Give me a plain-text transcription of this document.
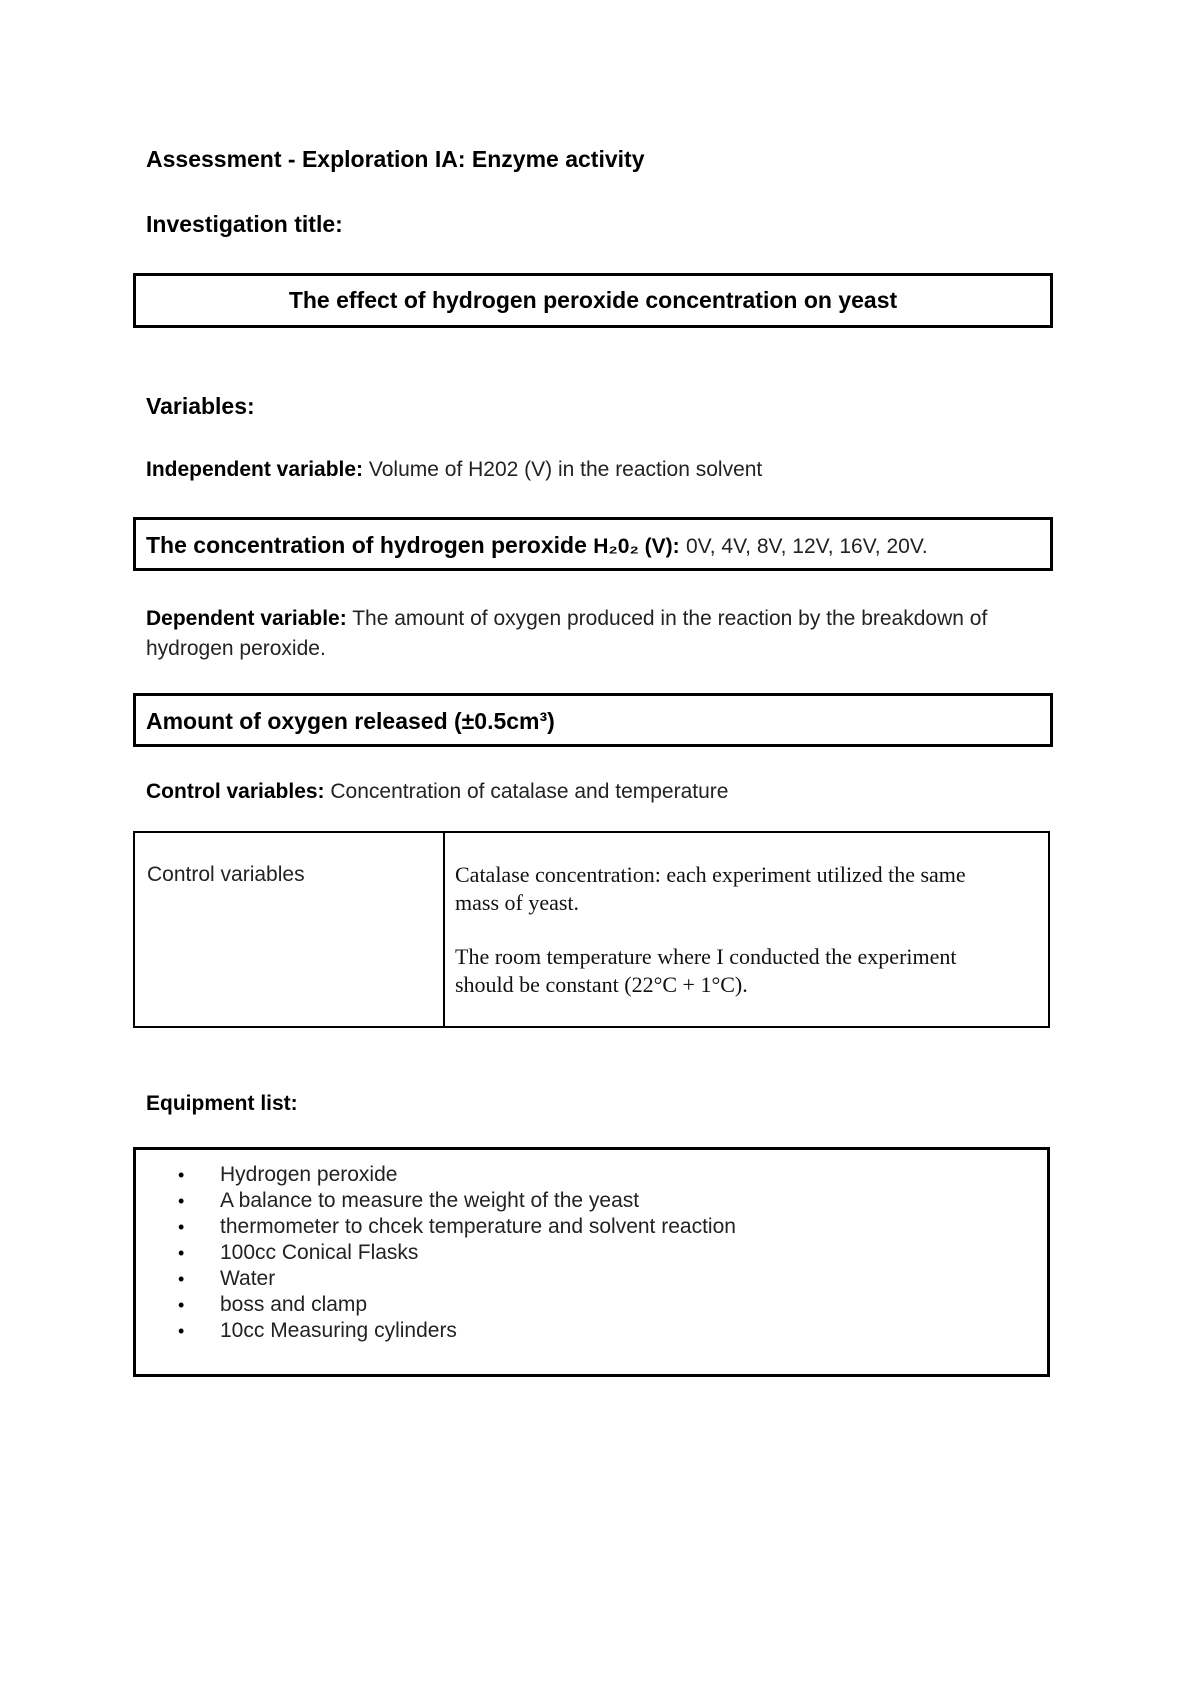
Assessment - Exploration IA: Enzyme activity
Investigation title:
The effect of hydrogen peroxide concentration on yeast
Variables:
Independent variable: Volume of H202 (V) in the reaction solvent
The concentration of hydrogen peroxide H₂0₂ (V): 0V, 4V, 8V, 12V, 16V, 20V.
Dependent variable: The amount of oxygen produced in the reaction by the breakdown of
hydrogen peroxide.
Amount of oxygen released (±0.5cm³)
Control variables: Concentration of catalase and temperature
Control variables	Catalase concentration: each experiment utilized the same
mass of yeast.
The room temperature where I conducted the experiment
should be constant (22°C + 1°C).
Equipment list:
• Hydrogen peroxide
• A balance to measure the weight of the yeast
• thermometer to chcek temperature and solvent reaction
• 100cc Conical Flasks
• Water
• boss and clamp
• 10cc Measuring cylinders
